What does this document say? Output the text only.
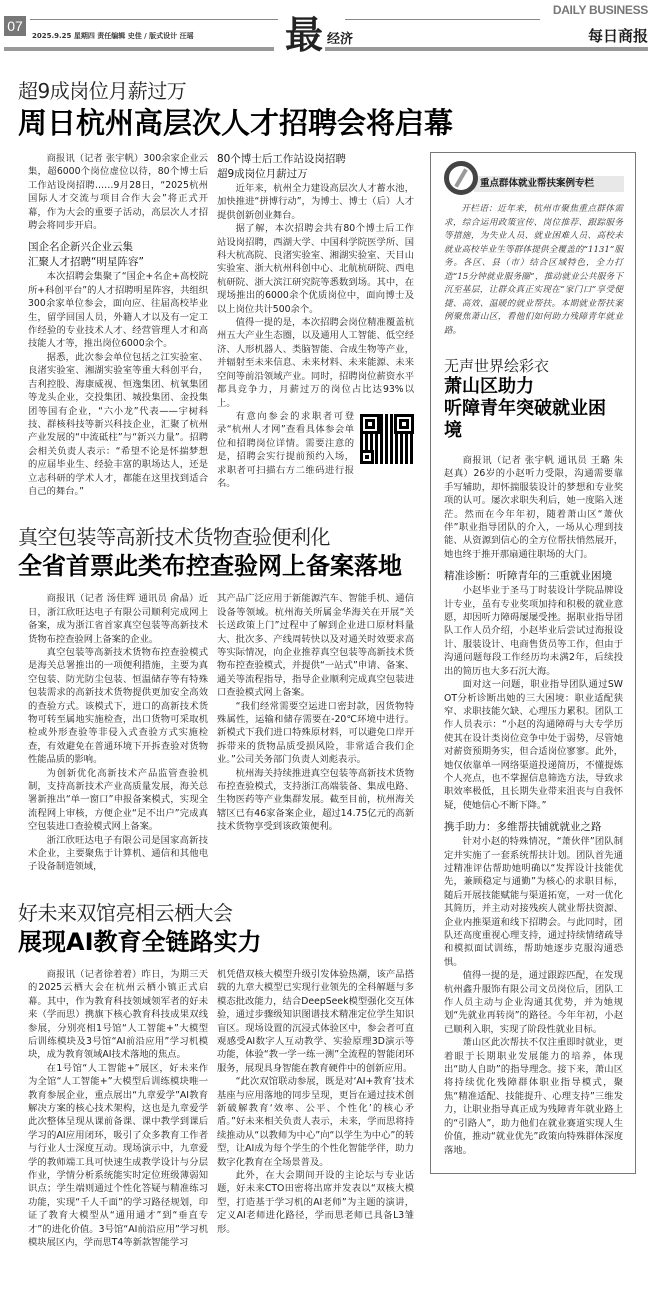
07
2025.9.25 星期四 责任编辑 史佳 / 版式设计 汪瑶 最 经济
DAILY BUSINESS
每日商报
超9成岗位月薪过万
周日杭州高层次人才招聘会将启幕

商报讯（记者 张宇帆）300余家企业云集，超6000个岗位虚位以待，80个博士后工作站设岗招聘……9月28日，“2025杭州国际人才交流与项目合作大会”将正式开幕，作为大会的重要子活动，高层次人才招聘会将同步开启。

国企名企新兴企业云集

汇聚人才招聘“明星阵容”

本次招聘会集聚了“国企+名企+高校院所+科创平台”的人才招聘明星阵容，共组织300余家单位参会，面向应、往届高校毕业生，留学回国人员，外籍人才以及有一定工作经验的专业技术人才、经营管理人才和高技能人才等，推出岗位6000余个。

据悉，此次参会单位包括之江实验室、良渚实验室、湘湖实验室等重大科创平台，吉利控股、海康威视、恒逸集团、杭氧集团等龙头企业，交投集团、城投集团、金投集团等国有企业，“六小龙”代表——宇树科技、群核科技等新兴科技企业，汇聚了杭州产业发展的“中流砥柱”与“新兴力量”。招聘会相关负责人表示：“希望不论是怀揣梦想的应届毕业生、经验丰富的职场达人，还是立志科研的学术人才，都能在这里找到适合自己的舞台。”

80个博士后工作站设岗招聘

超9成岗位月薪过万

近年来，杭州全力建设高层次人才蓄水池，加快推进“拼博行动”，为博士、博士（后）人才提供创新创业舞台。

据了解，本次招聘会共有80个博士后工作站设岗招聘，西湖大学、中国科学院医学所、国科大杭高院、良渚实验室、湘湖实验室、天目山实验室、浙大杭州科创中心、北航杭研院、西电杭研院、浙大滨江研究院等悉数到场。其中，在现场推出的6000余个优质岗位中，面向博士及以上岗位共计500余个。

值得一提的是，本次招聘会岗位精准覆盖杭州五大产业生态圈，以及通用人工智能、低空经济、人形机器人、类脑智能、合成生物等产业，并辐射至未来信息、未来材料、未来能源、未来空间等前沿领域产业。同时，招聘岗位薪资水平都具竞争力，月薪过万的岗位占比达93%以上。

有意向参会的求职者可登录“杭州人才网”查看具体参会单位和招聘岗位详情。需要注意的是，招聘会实行提前预约入场，求职者可扫描右方二维码进行报名。

真空包装等高新技术货物查验便利化
全省首票此类布控查验网上备案落地

商报讯（记者 汤佳辉 通讯员 俞晶）近日，浙江欣旺达电子有限公司顺利完成网上备案，成为浙江省首家真空包装等高新技术货物布控查验网上备案的企业。

真空包装等高新技术货物布控查验模式是海关总署推出的一项便利措施，主要为真空包装、防光防尘包装、恒温储存等有特殊包装需求的高新技术货物提供更加安全高效的查验方式。该模式下，进口的高新技术货物可转至属地实施检查，出口货物可采取机检或外形查验等非侵入式查验方式实施检查，有效避免在普通环境下开拆查验对货物性能品质的影响。

为创新优化高新技术产品监管查验机制，支持高新技术产业高质量发展，海关总署新推出“单一窗口”申报备案模式，实现全流程网上审核，方便企业“足不出户”完成真空包装进口查验模式网上备案。

浙江欣旺达电子有限公司是国家高新技术企业，主要聚焦于计算机、通信和其他电子设备制造领域，

其产品广泛应用于新能源汽车、智能手机、通信设备等领域。杭州海关所属金华海关在开展“关长送政策上门”过程中了解到企业进口原材料量大、批次多、产线周转快以及对通关时效要求高等实际情况，向企业推荐真空包装等高新技术货物布控查验模式，并提供“一站式”申请、备案、通关等流程指导，指导企业顺利完成真空包装进口查验模式网上备案。

“我们经常需要空运进口密封款，因货物特殊属性，运输和储存需要在-20℃环境中进行。新模式下我们进口特殊原材料，可以避免口岸开拆带来的货物品质受损风险，非常适合我们企业。”公司关务部门负责人刘彪表示。

杭州海关持续推进真空包装等高新技术货物布控查验模式，支持浙江高端装备、集成电路、生物医药等产业集群发展。截至目前，杭州海关辖区已有46家备案企业，超过14.75亿元的高新技术货物享受到该政策便利。

好未来双馆亮相云栖大会
展现AI教育全链路实力

商报讯（记者徐着着）昨日，为期三天的2025云栖大会在杭州云栖小镇正式启幕。其中，作为教育科技领域领军者的好未来（学而思）携旗下核心教育科技成果双线参展，分别亮相1号馆“人工智能+”大模型后训练模块及3号馆“AI前沿应用”学习机模块，成为教育领域AI技术落地的焦点。

在1号馆“人工智能+”展区，好未来作为全馆“人工智能+”大模型后训练模块唯一教育参展企业，重点展出“九章爱学”AI教育解决方案的核心技术架构，这也是九章爱学此次整体呈现从课前备课、课中教学到课后学习的AI应用闭环，吸引了众多教育工作者与行业人士深度互动。现场演示中，九章爱学的教师端工具可快速生成教学设计与分层作业，学情分析系统能实时定位班级薄弱知识点；学生端则通过个性化答疑与精准练习功能，实现“千人千面”的学习路径规划，印证了教育大模型从“通用通才”到“垂直专才”的进化价值。3号馆“AI前沿应用”学习机模块展区内，学而思T4等新款智能学习

机凭借双核大模型升级引发体验热潮，该产品搭载的九章大模型已实现行业领先的全科解题与多模态批改能力，结合DeepSeek模型强化交互体验，通过步骤级知识图谱技术精准定位学生知识盲区。现场设置的沉浸式体验区中，参会者可直观感受AI数字人互动教学、实验原理3D演示等功能，体验“教一学一练一测”全流程的智能闭环服务，展现具身智能在教育硬件中的创新应用。

“此次双馆联动参展，既是对‘AI+教育’技术基座与应用落地的同步呈现，更旨在通过技术创新破解教育‘效率、公平、个性化’的核心矛盾。”好未来相关负责人表示，未来，学而思将持续推动从“以教师为中心”向“以学生为中心”的转型，让AI成为每个学生的个性化智能学伴，助力数字化教育在全场景普及。

此外，在大会期间开设的主论坛与专业话题，好未来CTO田密将出席并发表以“双核大模型，打造基于学习机的AI老师”为主题的演讲，定义AI老师进化路径，学而思老师已具备L3雏形。

重点群体就业帮扶案例专栏
开栏语：近年来，杭州市聚焦重点群体需求，综合运用政策宣传、岗位推荐、跟踪服务等措施，为失业人员、就业困难人员、高校未就业高校毕业生等群体提供全覆盖的“1131”服务。各区、县（市）结合区域特色，全力打造“15分钟就业服务圈”，推动就业公共服务下沉至基层，让群众真正实现在“家门口”享受便捷、高效、温暖的就业帮扶。本期就业帮扶案例聚焦萧山区，看他们如何助力残障青年就业路。
无声世界绘彩衣
萧山区助力
听障青年突破就业困境

商报讯（记者 张宇帆 通讯员 王璐 朱赵真）26岁的小赵听力受限，沟通需要靠手写辅助，却怀揣服装设计的梦想和专业奖项的认可。屡次求职失利后，她一度陷入迷茫。然而在今年年初，随着萧山区“萧伙伴”职业指导团队的介入，一场从心理到技能、从资源到信心的全方位帮扶悄然展开，她也终于推开那扇通往职场的大门。

精准诊断：听障青年的三重就业困境

小赵毕业于圣马丁时装设计学院品牌设计专业，虽有专业奖项加持和积极的就业意愿，却因听力障碍屡屡受挫。据职业指导团队工作人员介绍，小赵毕业后尝试过海报设计、服装设计、电商售货员等工作，但由于沟通问题每段工作经历均未满2年，后续投出的简历也大多石沉大海。

面对这一问题，职业指导团队通过SWOT分析诊断出她的三大困境：职业适配狭窄、求职技能欠缺、心理压力累积。团队工作人员表示：“小赵的沟通障碍与大专学历使其在设计类岗位竞争中处于弱势，尽管她对薪资预期务实，但合适岗位寥寥。此外，她仅依靠单一网络渠道投递简历，不懂提炼个人亮点，也不掌握信息筛选方法，导致求职效率极低，且长期失业带来沮丧与自我怀疑，使她信心不断下降。”

携手助力：多维帮扶铺就就业之路

针对小赵的特殊情况，“萧伙伴”团队制定并实施了一套系统帮扶计划。团队首先通过精准评估帮助她明确以“发挥设计技能优先，兼顾稳定与通勤”为核心的求职目标，随后开展技能赋能与渠道拓宽，一对一优化其简历，并主动对接残疾人就业帮扶资源、企业内推渠道和线下招聘会。与此同时，团队还高度重视心理支持，通过持续情绪疏导和模拟面试训练，帮助她逐步克服沟通恐惧。

值得一提的是，通过跟踪匹配，在发现杭州鑫升服饰有限公司文员岗位后，团队工作人员主动与企业沟通其优势，并为她规划“先就业再转岗”的路径。今年年初，小赵已顺利入职，实现了阶段性就业目标。

萧山区此次帮扶不仅注重即时就业，更着眼于长期职业发展能力的培养，体现出“助人自助”的指导理念。接下来，萧山区将持续优化残障群体职业指导模式，聚焦“精准适配、技能提升、心理支持”三维发力，让职业指导真正成为残障青年就业路上的“引路人”，助力他们在就业赛道实现人生价值，推动“就业优先”政策向特殊群体深度落地。
